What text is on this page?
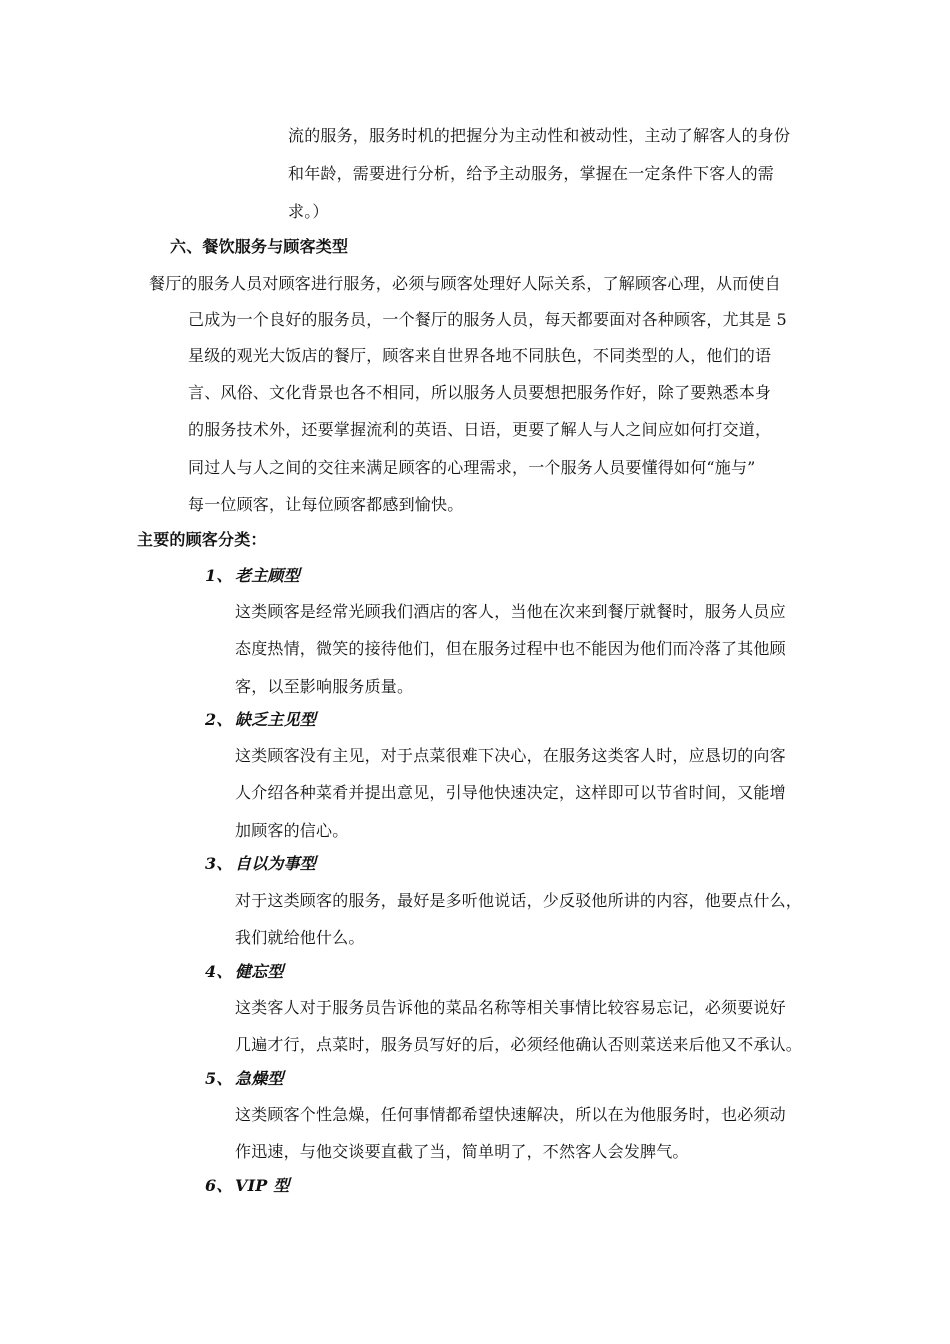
流的服务，服务时机的把握分为主动性和被动性，主动了解客人的身份
和年龄，需要进行分析，给予主动服务，掌握在一定条件下客人的需
求。）
六、餐饮服务与顾客类型
餐厅的服务人员对顾客进行服务，必须与顾客处理好人际关系，了解顾客心理，从而使自
己成为一个良好的服务员，一个餐厅的服务人员，每天都要面对各种顾客，尤其是 5
星级的观光大饭店的餐厅，顾客来自世界各地不同肤色，不同类型的人，他们的语
言、风俗、文化背景也各不相同，所以服务人员要想把服务作好，除了要熟悉本身
的服务技术外，还要掌握流利的英语、日语，更要了解人与人之间应如何打交道，
同过人与人之间的交往来满足顾客的心理需求，一个服务人员要懂得如何“施与”
每一位顾客，让每位顾客都感到愉快。
主要的顾客分类：
1、 老主顾型
这类顾客是经常光顾我们酒店的客人，当他在次来到餐厅就餐时，服务人员应
态度热情，微笑的接待他们，但在服务过程中也不能因为他们而冷落了其他顾
客，以至影响服务质量。
2、 缺乏主见型
这类顾客没有主见，对于点菜很难下决心，在服务这类客人时，应恳切的向客
人介绍各种菜肴并提出意见，引导他快速决定，这样即可以节省时间，又能增
加顾客的信心。
3、 自以为事型
对于这类顾客的服务，最好是多听他说话，少反驳他所讲的内容，他要点什么，
我们就给他什么。
4、 健忘型
这类客人对于服务员告诉他的菜品名称等相关事情比较容易忘记，必须要说好
几遍才行，点菜时，服务员写好的后，必须经他确认否则菜送来后他又不承认。
5、 急燥型
这类顾客个性急燥，任何事情都希望快速解决，所以在为他服务时，也必须动
作迅速，与他交谈要直截了当，简单明了，不然客人会发脾气。
6、 VIP 型
